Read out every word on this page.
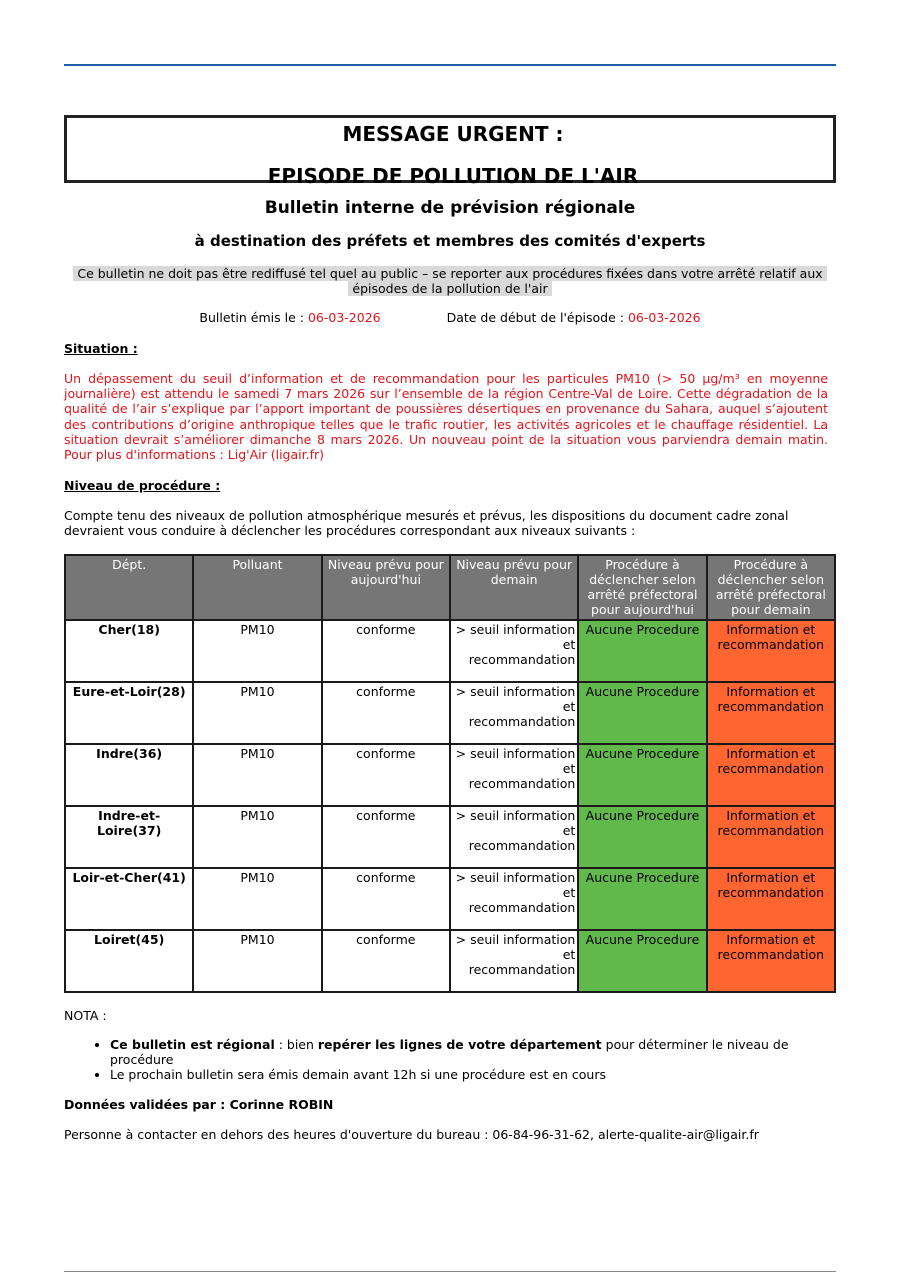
MESSAGE URGENT :
EPISODE DE POLLUTION DE L'AIR
Bulletin interne de prévision régionale
à destination des préfets et membres des comités d'experts
Ce bulletin ne doit pas être rediffusé tel quel au public – se reporter aux procédures fixées dans votre arrêté relatif aux épisodes de la pollution de l'air
Bulletin émis le : 06-03-2026	Date de début de l'épisode : 06-03-2026
Situation :
Un dépassement du seuil d’information et de recommandation pour les particules PM10 (> 50 µg/m³ en moyenne journalière) est attendu le samedi 7 mars 2026 sur l’ensemble de la région Centre-Val de Loire. Cette dégradation de la qualité de l’air s’explique par l’apport important de poussières désertiques en provenance du Sahara, auquel s’ajoutent des contributions d’origine anthropique telles que le trafic routier, les activités agricoles et le chauffage résidentiel. La situation devrait s’améliorer dimanche 8 mars 2026. Un nouveau point de la situation vous parviendra demain matin. Pour plus d'informations : Lig'Air (ligair.fr)
Niveau de procédure :
Compte tenu des niveaux de pollution atmosphérique mesurés et prévus, les dispositions du document cadre zonal devraient vous conduire à déclencher les procédures correspondant aux niveaux suivants :
Dépt.	Polluant	Niveau prévu pour aujourd'hui	Niveau prévu pour demain	Procédure à déclencher selon arrêté préfectoral pour aujourd'hui	Procédure à déclencher selon arrêté préfectoral pour demain
Cher(18)	PM10	conforme	> seuil information et recommandation	Aucune Procedure	Information et recommandation
Eure-et-Loir(28)	PM10	conforme	> seuil information et recommandation	Aucune Procedure	Information et recommandation
Indre(36)	PM10	conforme	> seuil information et recommandation	Aucune Procedure	Information et recommandation
Indre-et-Loire(37)	PM10	conforme	> seuil information et recommandation	Aucune Procedure	Information et recommandation
Loir-et-Cher(41)	PM10	conforme	> seuil information et recommandation	Aucune Procedure	Information et recommandation
Loiret(45)	PM10	conforme	> seuil information et recommandation	Aucune Procedure	Information et recommandation
NOTA :
• Ce bulletin est régional : bien repérer les lignes de votre département pour déterminer le niveau de procédure
• Le prochain bulletin sera émis demain avant 12h si une procédure est en cours
Données validées par : Corinne ROBIN
Personne à contacter en dehors des heures d'ouverture du bureau : 06-84-96-31-62, alerte-qualite-air@ligair.fr
